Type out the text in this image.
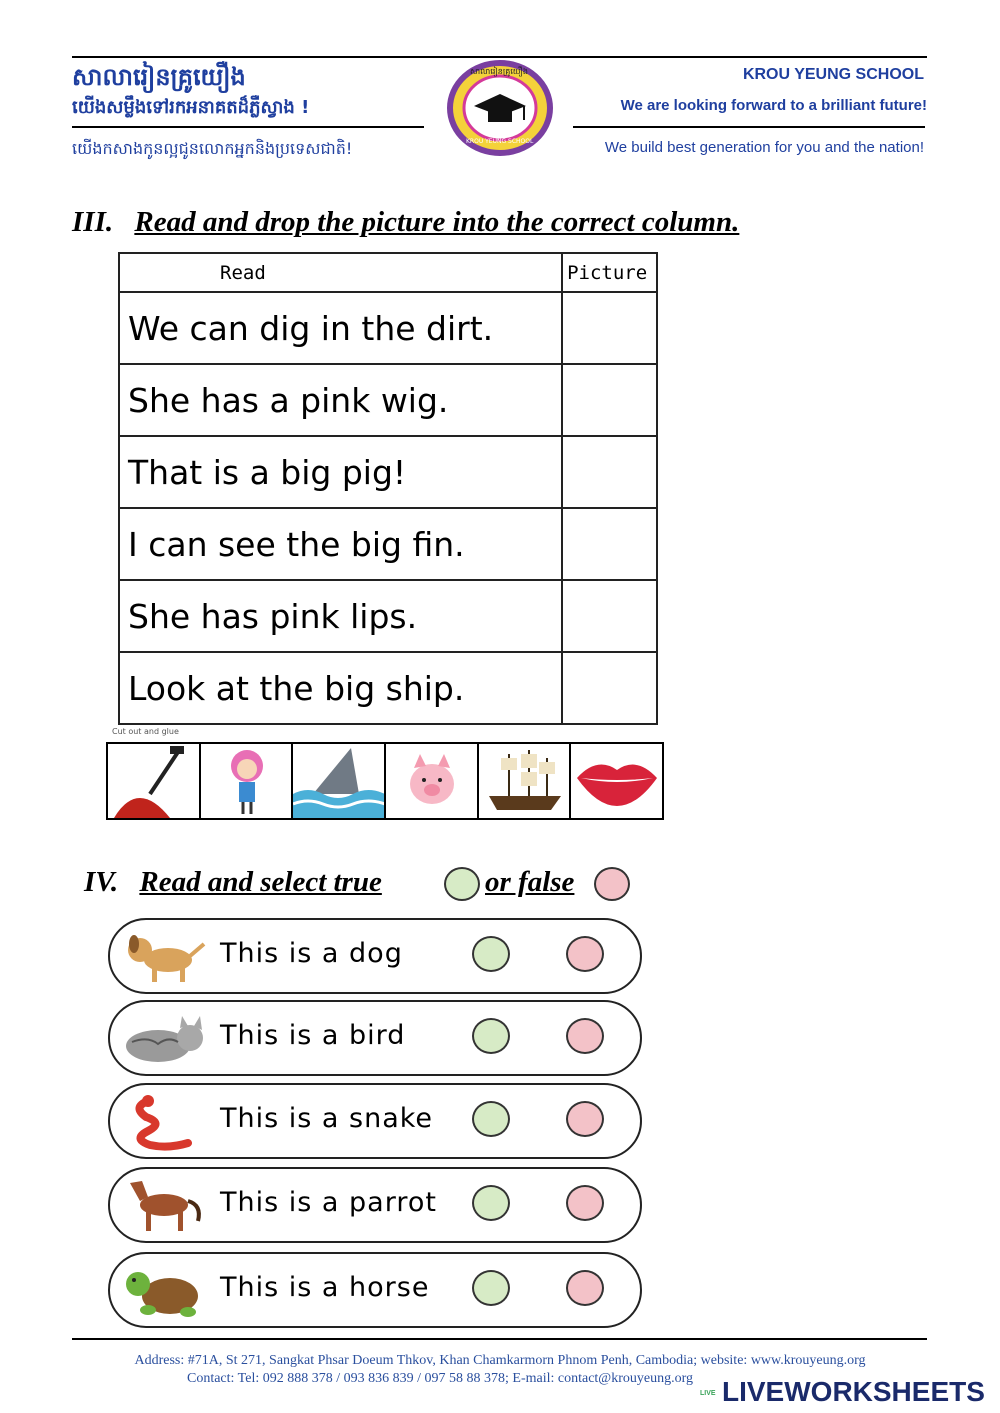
សាលារៀនគ្រូយឿង
យើងសម្លឹងទៅរកអនាគតដ៏ភ្លឺស្វាង !
យើងកសាងកូនល្អជូនលោកអ្នកនិងប្រទេសជាតិ!
សាលារៀនគ្រូយឿង
KROU YEUNG SCHOOL
KROU YEUNG SCHOOL
We are looking forward to a brilliant future!
We build best generation for you and the nation!
III. Read and drop the picture into the correct column.
Read	Picture
We can dig in the dirt.	
She has a pink wig.	
That is a big pig!	
I can see the big fin.	
She has pink lips.	
Look at the big ship.	
Cut out and glue
IV. Read and select true	or false
This is a dog
This is a bird
This is a snake
This is a parrot
This is a horse
Address: #71A, St 271, Sangkat Phsar Doeum Thkov, Khan Chamkarmorn Phnom Penh, Cambodia; website: www.krouyeung.org
Contact: Tel: 092 888 378 / 093 836 839 / 097 58 88 378; E-mail: contact@krouyeung.org
LIVE LIVEWORKSHEETS
